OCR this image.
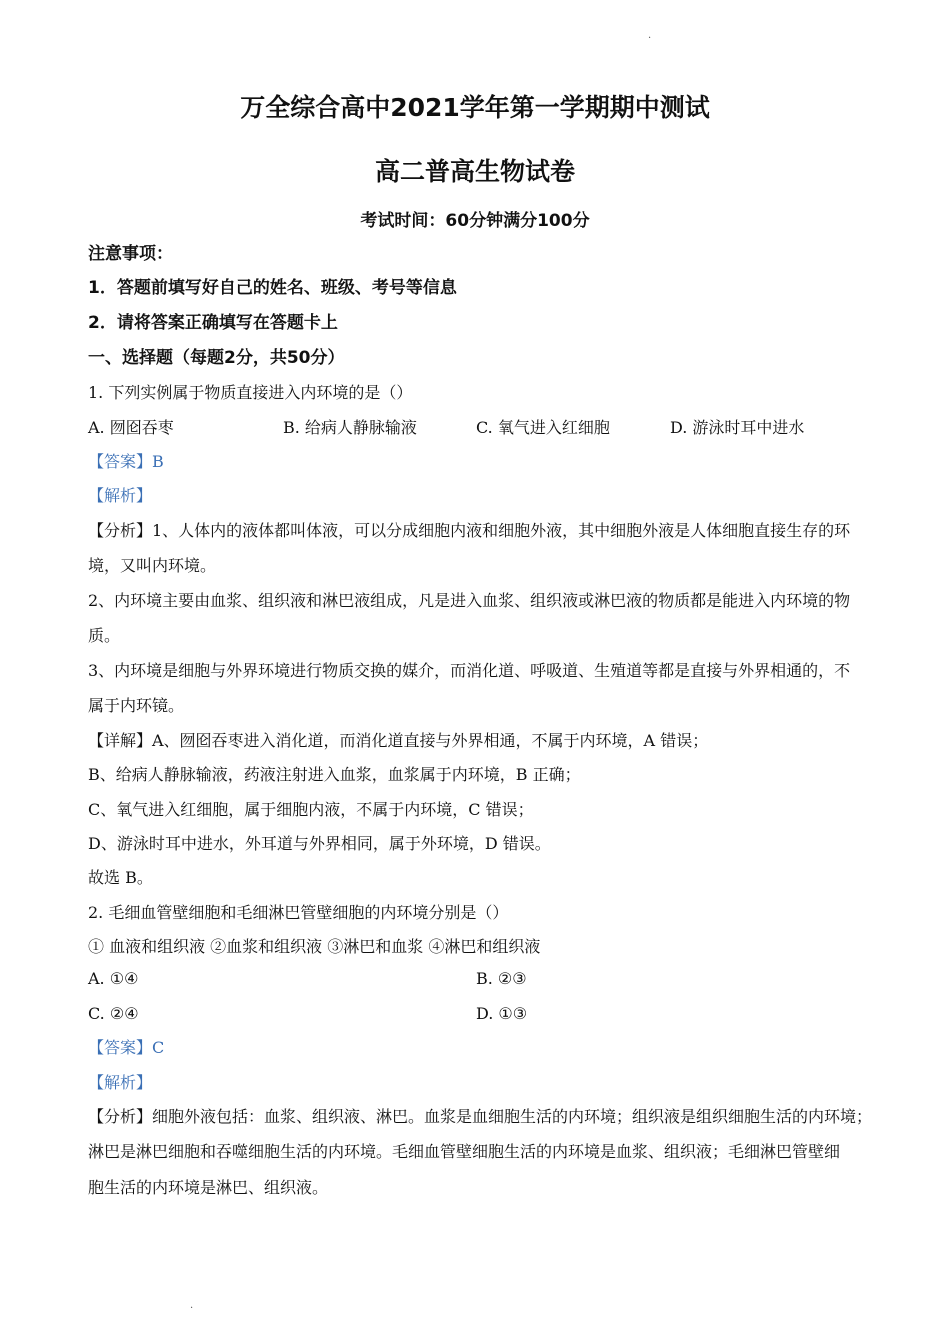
.
万全综合高中2021学年第一学期期中测试
高二普高生物试卷
考试时间：60分钟满分100分
注意事项：
1．答题前填写好自己的姓名、班级、考号等信息
2．请将答案正确填写在答题卡上
一、选择题（每题2分，共50分）
1. 下列实例属于物质直接进入内环境的是（）
A. 囫囵吞枣	B. 给病人静脉输液	C. 氧气进入红细胞	D. 游泳时耳中进水
【答案】B
【解析】
【分析】1、人体内的液体都叫体液，可以分成细胞内液和细胞外液，其中细胞外液是人体细胞直接生存的环
境，又叫内环境。
2、内环境主要由血浆、组织液和淋巴液组成，凡是进入血浆、组织液或淋巴液的物质都是能进入内环境的物
质。
3、内环境是细胞与外界环境进行物质交换的媒介，而消化道、呼吸道、生殖道等都是直接与外界相通的，不
属于内环镜。
【详解】A、囫囵吞枣进入消化道，而消化道直接与外界相通，不属于内环境，A 错误；
B、给病人静脉输液，药液注射进入血浆，血浆属于内环境，B 正确；
C、氧气进入红细胞，属于细胞内液，不属于内环境，C 错误；
D、游泳时耳中进水，外耳道与外界相同，属于外环境，D 错误。
故选 B。
2. 毛细血管壁细胞和毛细淋巴管壁细胞的内环境分别是（）
① 血液和组织液 ②血浆和组织液 ③淋巴和血浆 ④淋巴和组织液
A. ①④	B. ②③
C. ②④	D. ①③
【答案】C
【解析】
【分析】细胞外液包括：血浆、组织液、淋巴。血浆是血细胞生活的内环境；组织液是组织细胞生活的内环境；
淋巴是淋巴细胞和吞噬细胞生活的内环境。毛细血管壁细胞生活的内环境是血浆、组织液；毛细淋巴管壁细
胞生活的内环境是淋巴、组织液。
.
